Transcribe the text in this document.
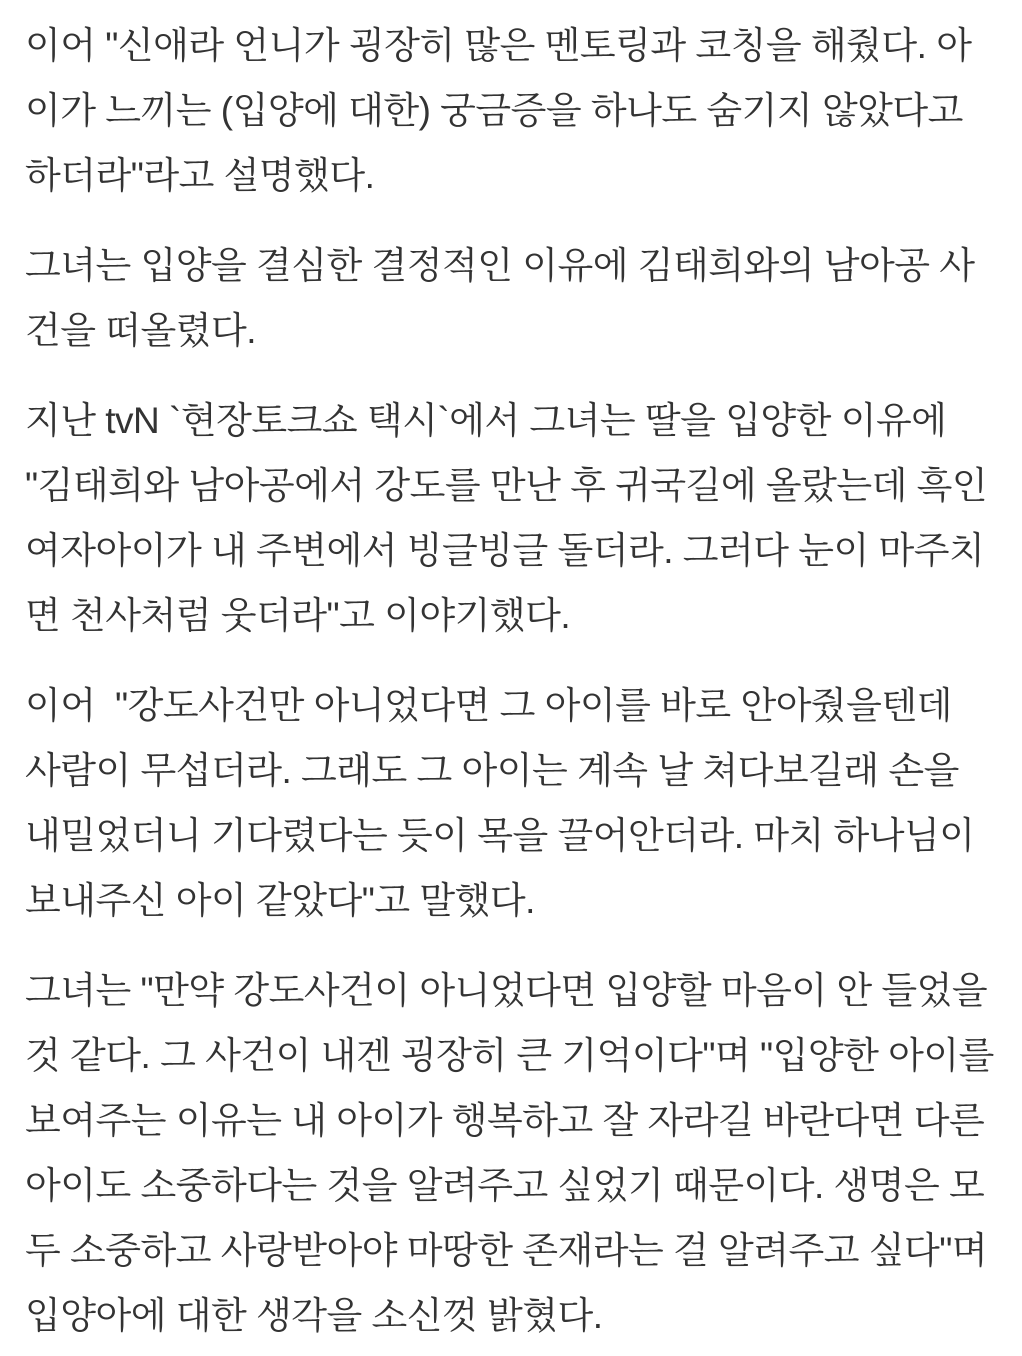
이어 "신애라 언니가 굉장히 많은 멘토링과 코칭을 해줬다. 아이가 느끼는 (입양에 대한) 궁금증을 하나도 숨기지 않았다고 하더라"라고 설명했다.

그녀는 입양을 결심한 결정적인 이유에 김태희와의 남아공 사건을 떠올렸다.

지난 tvN `현장토크쇼 택시`에서 그녀는 딸을 입양한 이유에 "김태희와 남아공에서 강도를 만난 후 귀국길에 올랐는데 흑인 여자아이가 내 주변에서 빙글빙글 돌더라. 그러다 눈이 마주치면 천사처럼 웃더라"고 이야기했다.

이어  "강도사건만 아니었다면 그 아이를 바로 안아줬을텐데 사람이 무섭더라. 그래도 그 아이는 계속 날 쳐다보길래 손을 내밀었더니 기다렸다는 듯이 목을 끌어안더라. 마치 하나님이 보내주신 아이 같았다"고 말했다.

그녀는 "만약 강도사건이 아니었다면 입양할 마음이 안 들었을 것 같다. 그 사건이 내겐 굉장히 큰 기억이다"며 "입양한 아이를 보여주는 이유는 내 아이가 행복하고 잘 자라길 바란다면 다른 아이도 소중하다는 것을 알려주고 싶었기 때문이다. 생명은 모두 소중하고 사랑받아야 마땅한 존재라는 걸 알려주고 싶다"며 입양아에 대한 생각을 소신껏 밝혔다.
